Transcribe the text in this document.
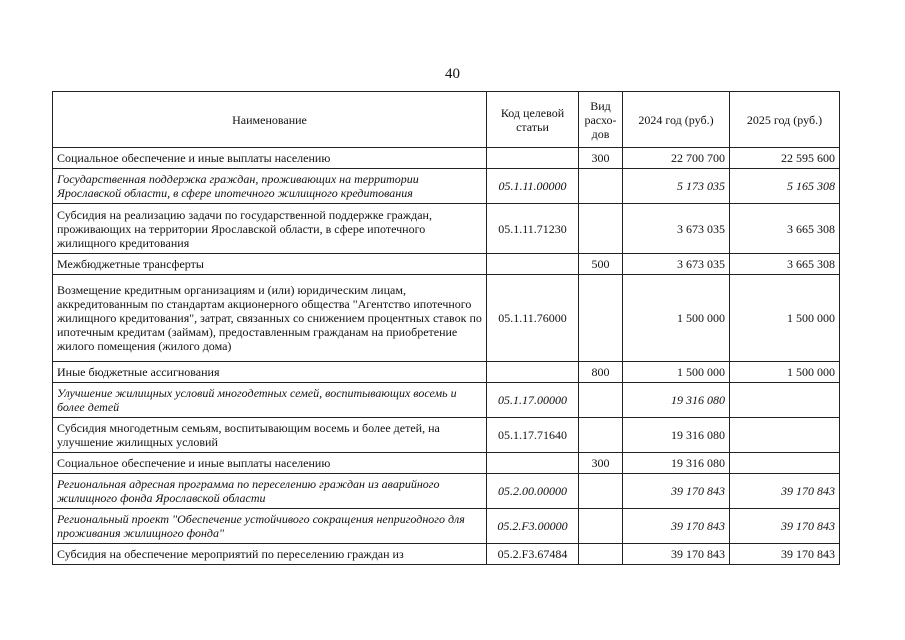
40
Наименование	Код целевой статьи	Вид расхо-дов	2024 год (руб.)	2025 год (руб.)
Социальное обеспечение и иные выплаты населению		300	22 700 700	22 595 600
Государственная поддержка граждан, проживающих на территории Ярославской области, в сфере ипотечного жилищного кредитования	05.1.11.00000		5 173 035	5 165 308
Субсидия на реализацию задачи по государственной поддержке граждан, проживающих на территории Ярославской области, в сфере ипотечного жилищного кредитования	05.1.11.71230		3 673 035	3 665 308
Межбюджетные трансферты		500	3 673 035	3 665 308
Возмещение кредитным организациям и (или) юридическим лицам, аккредитованным по стандартам акционерного общества "Агентство ипотечного жилищного кредитования", затрат, связанных со снижением процентных ставок по ипотечным кредитам (займам), предоставленным гражданам на приобретение жилого помещения (жилого дома)	05.1.11.76000		1 500 000	1 500 000
Иные бюджетные ассигнования		800	1 500 000	1 500 000
Улучшение жилищных условий многодетных семей, воспитывающих восемь и более детей	05.1.17.00000		19 316 080	
Субсидия многодетным семьям, воспитывающим восемь и более детей, на улучшение жилищных условий	05.1.17.71640		19 316 080	
Социальное обеспечение и иные выплаты населению		300	19 316 080	
Региональная адресная программа по переселению граждан из аварийного жилищного фонда Ярославской области	05.2.00.00000		39 170 843	39 170 843
Региональный проект "Обеспечение устойчивого сокращения непригодного для проживания жилищного фонда"	05.2.F3.00000		39 170 843	39 170 843
Субсидия на обеспечение мероприятий по переселению граждан из	05.2.F3.67484		39 170 843	39 170 843
